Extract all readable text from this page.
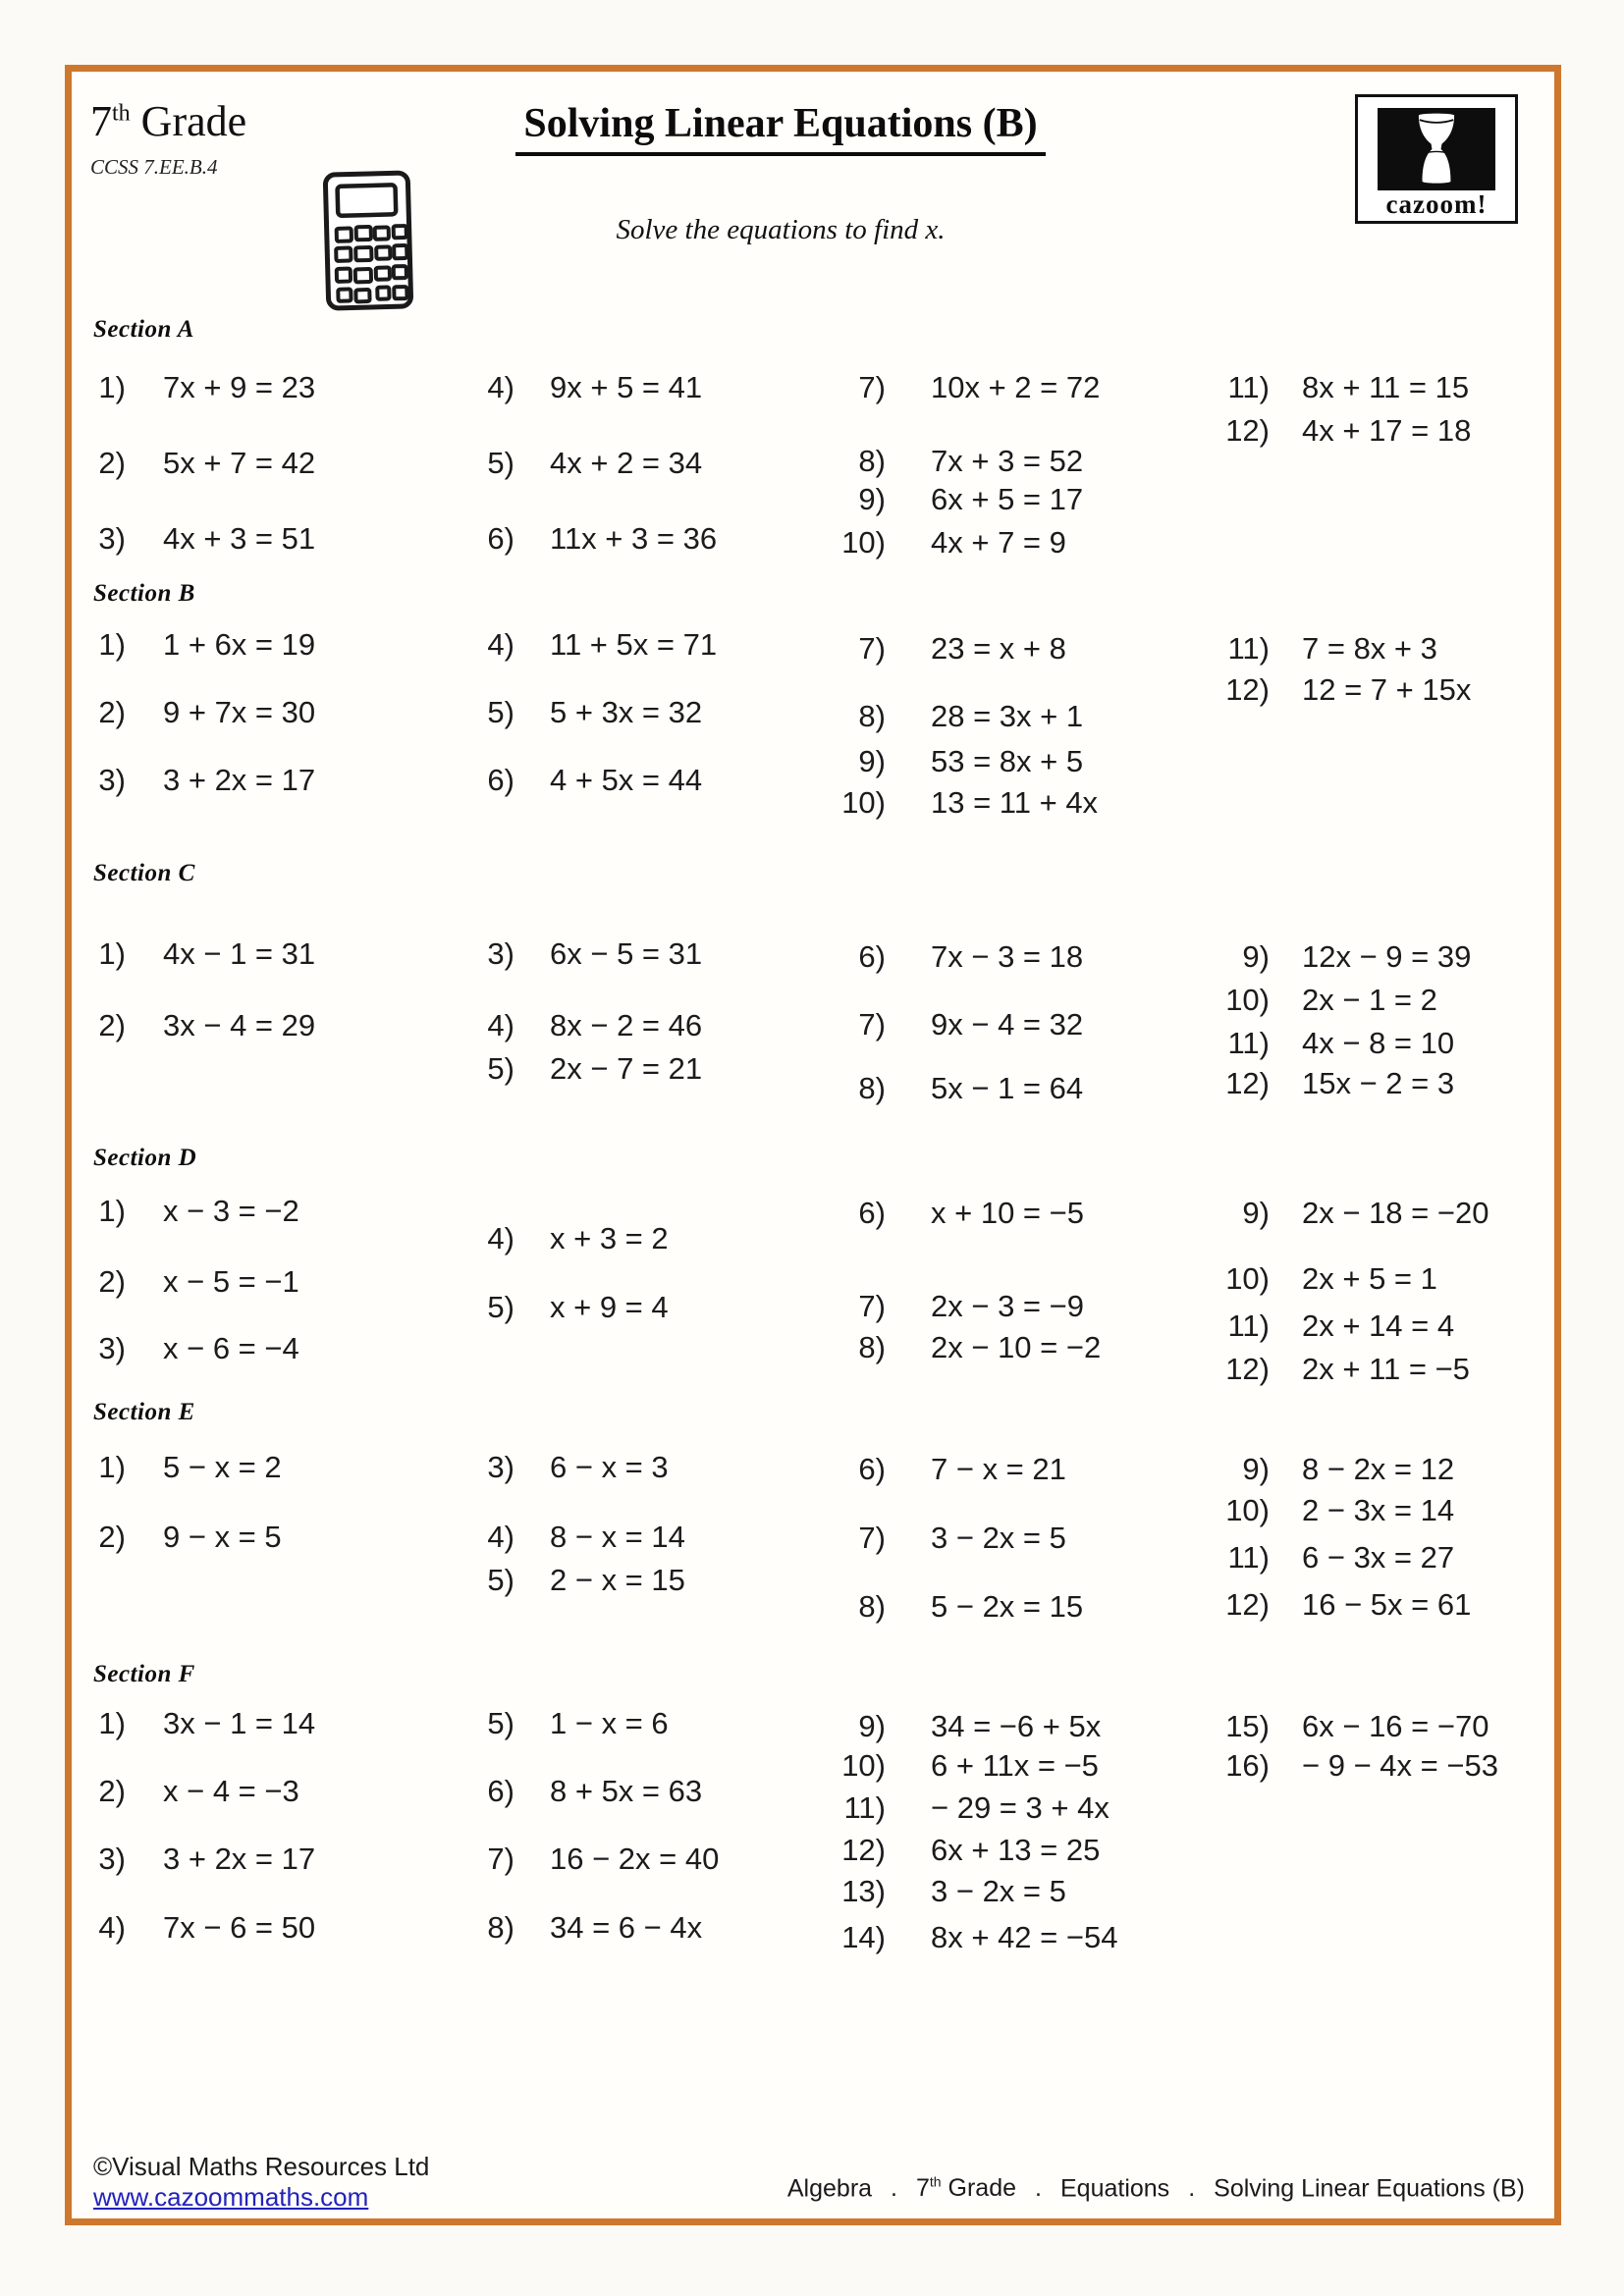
7th Grade
CCSS 7.EE.B.4
Solving Linear Equations (B)
Solve the equations to find x.
cazoom!
Section A
1) 7x + 9 = 23
2) 5x + 7 = 42
3) 4x + 3 = 51
4) 9x + 5 = 41
5) 4x + 2 = 34
6) 11x + 3 = 36
7) 10x + 2 = 72
8) 7x + 3 = 52
9) 6x + 5 = 17
10) 4x + 7 = 9
11) 8x + 11 = 15
12) 4x + 17 = 18
Section B
1) 1 + 6x = 19
2) 9 + 7x = 30
3) 3 + 2x = 17
4) 11 + 5x = 71
5) 5 + 3x = 32
6) 4 + 5x = 44
7) 23 = x + 8
8) 28 = 3x + 1
9) 53 = 8x + 5
10) 13 = 11 + 4x
11) 7 = 8x + 3
12) 12 = 7 + 15x
Section C
1) 4x − 1 = 31
2) 3x − 4 = 29
3) 6x − 5 = 31
4) 8x − 2 = 46
5) 2x − 7 = 21
6) 7x − 3 = 18
7) 9x − 4 = 32
8) 5x − 1 = 64
9) 12x − 9 = 39
10) 2x − 1 = 2
11) 4x − 8 = 10
12) 15x − 2 = 3
Section D
1) x − 3 = −2
2) x − 5 = −1
3) x − 6 = −4
4) x + 3 = 2
5) x + 9 = 4
6) x + 10 = −5
7) 2x − 3 = −9
8) 2x − 10 = −2
9) 2x − 18 = −20
10) 2x + 5 = 1
11) 2x + 14 = 4
12) 2x + 11 = −5
Section E
1) 5 − x = 2
2) 9 − x = 5
3) 6 − x = 3
4) 8 − x = 14
5) 2 − x = 15
6) 7 − x = 21
7) 3 − 2x = 5
8) 5 − 2x = 15
9) 8 − 2x = 12
10) 2 − 3x = 14
11) 6 − 3x = 27
12) 16 − 5x = 61
Section F
1) 3x − 1 = 14
2) x − 4 = −3
3) 3 + 2x = 17
4) 7x − 6 = 50
5) 1 − x = 6
6) 8 + 5x = 63
7) 16 − 2x = 40
8) 34 = 6 − 4x
9) 34 = −6 + 5x
10) 6 + 11x = −5
11) − 29 = 3 + 4x
12) 6x + 13 = 25
13) 3 − 2x = 5
14) 8x + 42 = −54
15) 6x − 16 = −70
16) − 9 − 4x = −53
©Visual Maths Resources Ltd
www.cazoommaths.com	Algebra . 7th Grade . Equations . Solving Linear Equations (B)
